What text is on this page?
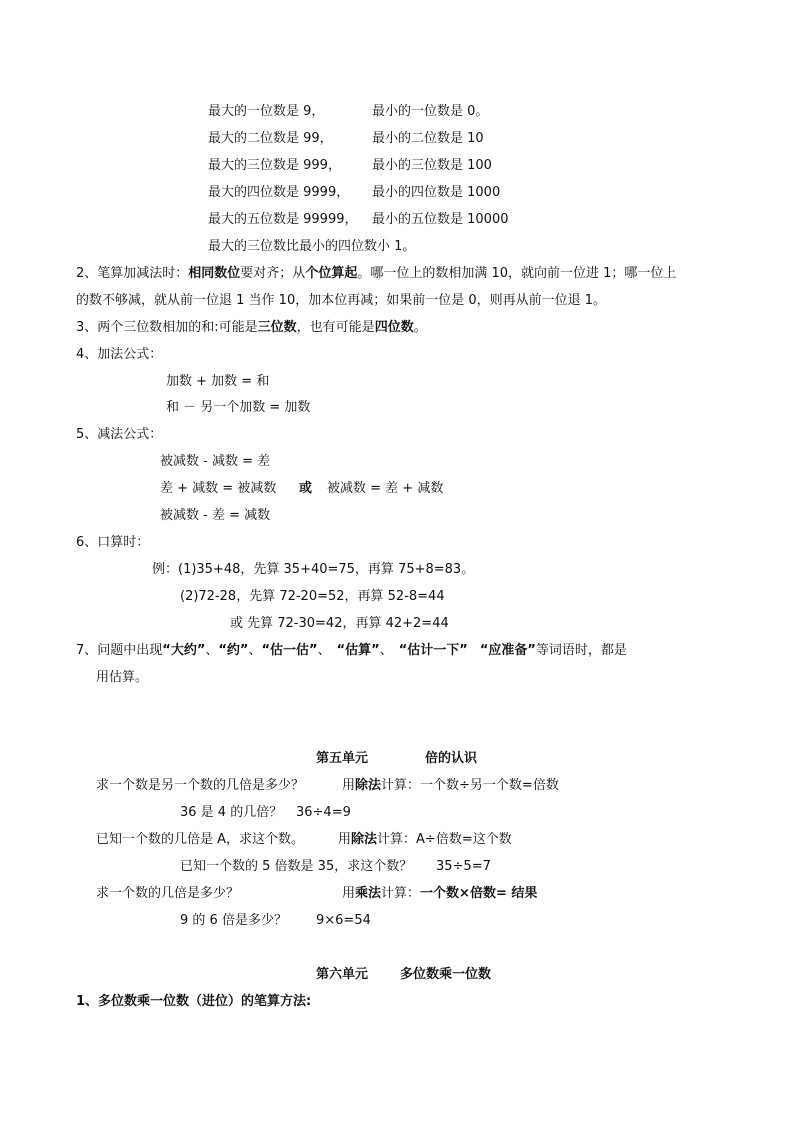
最大的一位数是 9，	最小的一位数是 0。
最大的二位数是 99，	最小的二位数是 10
最大的三位数是 999， 最小的三位数是 100
最大的四位数是 9999， 最小的四位数是 1000
最大的五位数是 99999， 最小的五位数是 10000
最大的三位数比最小的四位数小 1。
2、笔算加减法时：相同数位要对齐；从个位算起。哪一位上的数相加满 10，就向前一位进 1；哪一位上
的数不够减，就从前一位退 1 当作 10，加本位再减；如果前一位是 0，则再从前一位退 1。
3、两个三位数相加的和:可能是三位数，也有可能是四位数。
4、加法公式：
加数 + 加数 = 和
和 － 另一个加数 = 加数
5、减法公式：
被减数 - 减数 = 差
差 + 减数 = 被减数 或 被减数 = 差 + 减数
被减数 - 差 = 减数
6、口算时：
例：(1)35+48，先算 35+40=75，再算 75+8=83。
(2)72-28，先算 72-20=52，再算 52-8=44
或 先算 72-30=42，再算 42+2=44
7、问题中出现“大约”、“约”、“估一估”、 “估算”、 “估计一下” “应准备”等词语时，都是
用估算。
第五单元	倍的认识
求一个数是另一个数的几倍是多少？	用除法计算：一个数÷另一个数=倍数
36 是 4 的几倍？ 36÷4=9
已知一个数的几倍是 A，求这个数。	用除法计算：A÷倍数=这个数
已知一个数的 5 倍数是 35，求这个数？ 35÷5=7
求一个数的几倍是多少？	用乘法计算：一个数×倍数= 结果
9 的 6 倍是多少？ 9×6=54
第六单元 多位数乘一位数
1、多位数乘一位数（进位）的笔算方法:
